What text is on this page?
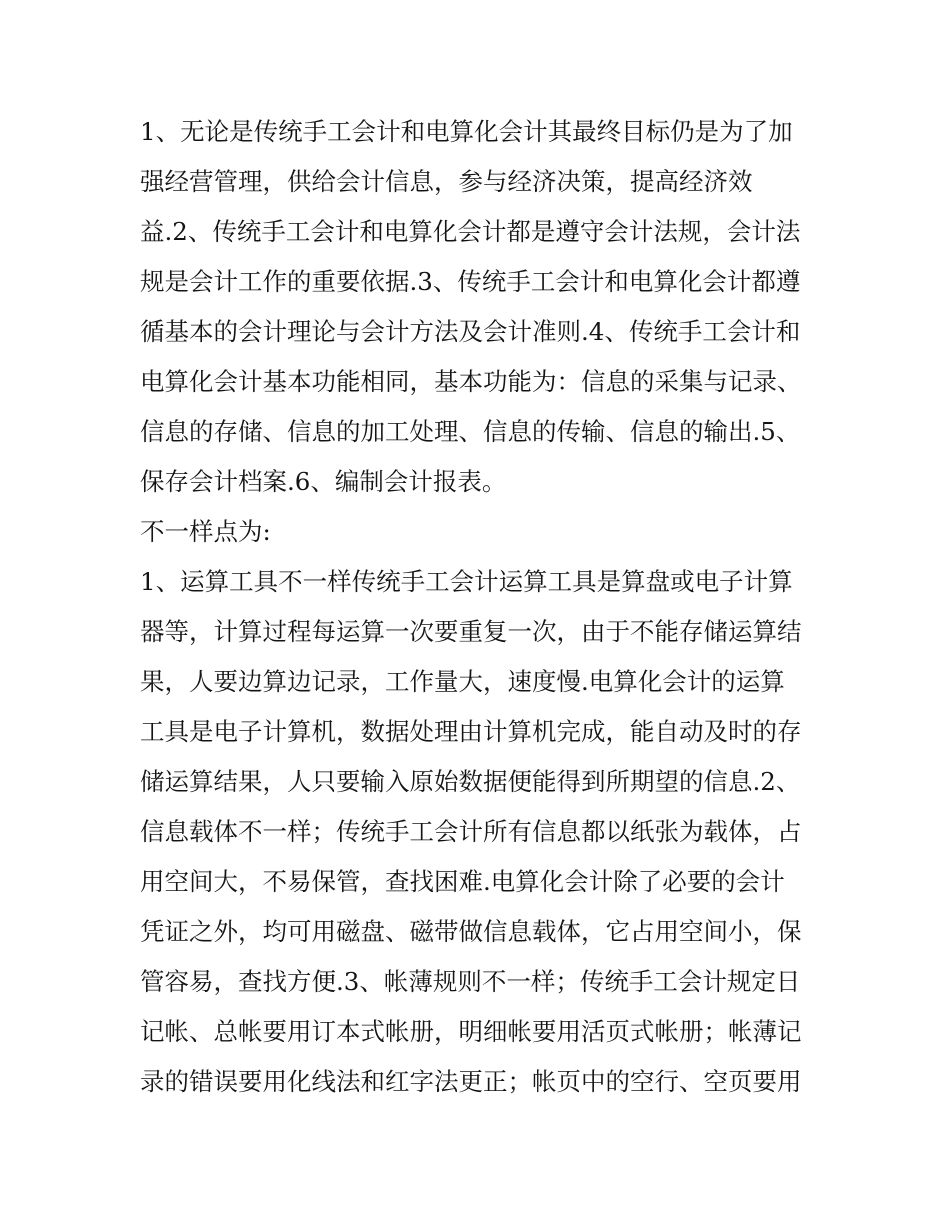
1、无论是传统手工会计和电算化会计其最终目标仍是为了加
强经营管理，供给会计信息，参与经济决策，提高经济效
益.2、传统手工会计和电算化会计都是遵守会计法规，会计法
规是会计工作的重要依据.3、传统手工会计和电算化会计都遵
循基本的会计理论与会计方法及会计准则.4、传统手工会计和
电算化会计基本功能相同，基本功能为：信息的采集与记录、
信息的存储、信息的加工处理、信息的传输、信息的输出.5、
保存会计档案.6、编制会计报表。
不一样点为:
1、运算工具不一样传统手工会计运算工具是算盘或电子计算
器等，计算过程每运算一次要重复一次，由于不能存储运算结
果，人要边算边记录，工作量大，速度慢.电算化会计的运算
工具是电子计算机，数据处理由计算机完成，能自动及时的存
储运算结果，人只要输入原始数据便能得到所期望的信息.2、
信息载体不一样；传统手工会计所有信息都以纸张为载体，占
用空间大，不易保管，查找困难.电算化会计除了必要的会计
凭证之外，均可用磁盘、磁带做信息载体，它占用空间小，保
管容易，查找方便.3、帐薄规则不一样；传统手工会计规定日
记帐、总帐要用订本式帐册，明细帐要用活页式帐册；帐薄记
录的错误要用化线法和红字法更正；帐页中的空行、空页要用
